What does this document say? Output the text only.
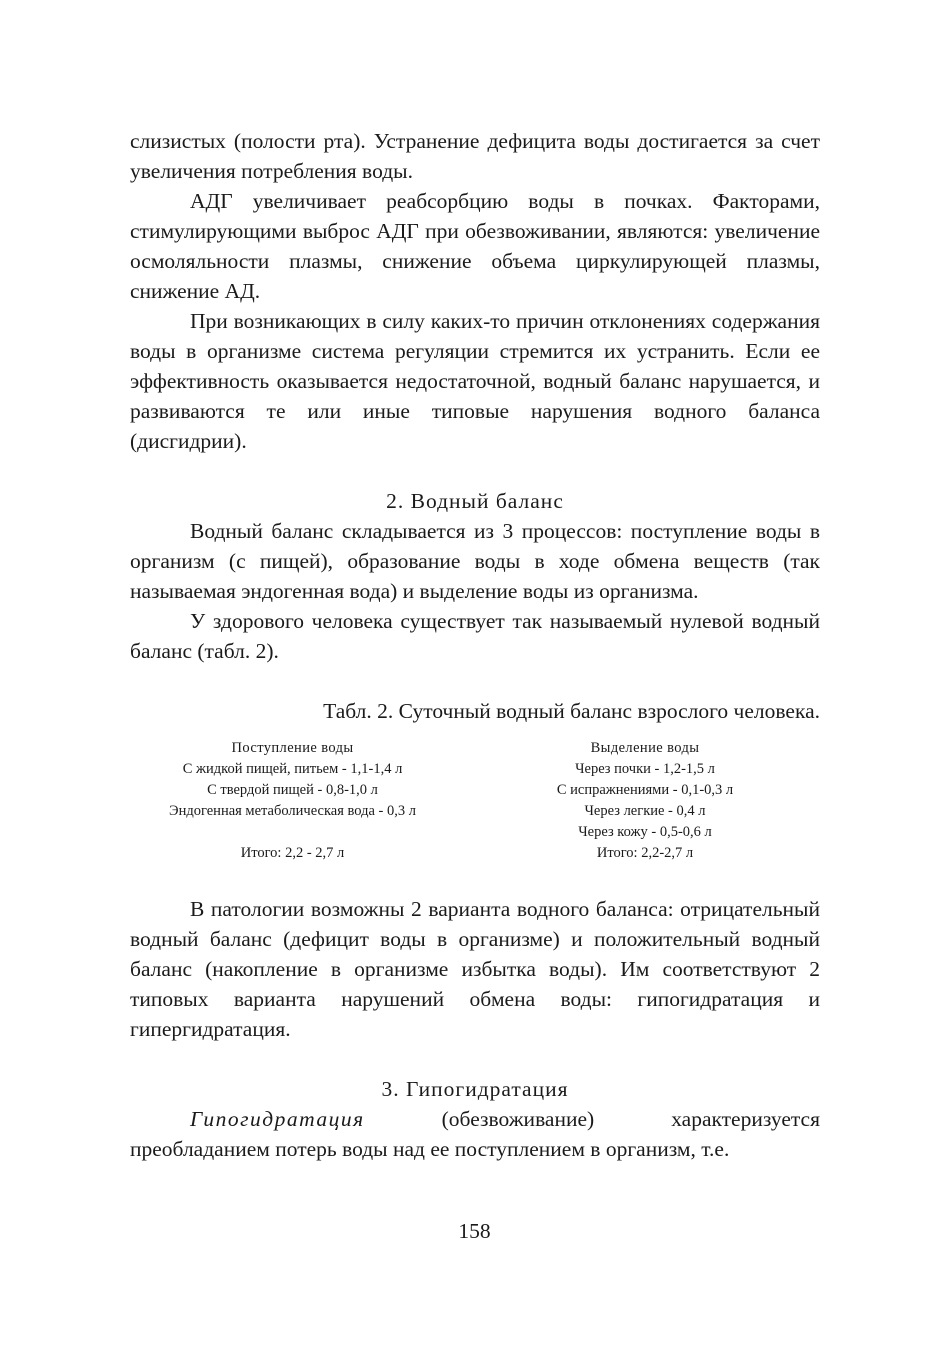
слизистых (полости рта). Устранение дефицита воды достигается за счет увеличения потребления воды.

АДГ увеличивает реабсорбцию воды в почках. Факторами, стимулирующими выброс АДГ при обезвоживании, являются: увеличение осмоляльности плазмы, снижение объема циркулирующей плазмы, снижение АД.

При возникающих в силу каких-то причин отклонениях содержания воды в организме система регуляции стремится их устранить. Если ее эффективность оказывается недостаточной, водный баланс нарушается, и развиваются те или иные типовые нарушения водного баланса (дисгидрии).

2. Водный баланс

Водный баланс складывается из 3 процессов: поступление воды в организм (с пищей), образование воды в ходе обмена веществ (так называемая эндогенная вода) и выделение воды из организма.

У здорового человека существует так называемый нулевой водный баланс (табл. 2).

Табл. 2. Суточный водный баланс взрослого человека.

Поступление воды
С жидкой пищей, питьем - 1,1-1,4 л
С твердой пищей - 0,8-1,0 л
Эндогенная метаболическая вода - 0,3 л
Итого: 2,2 - 2,7 л
Выделение воды
Через почки - 1,2-1,5 л
С испражнениями - 0,1-0,3 л
Через легкие - 0,4 л
Через кожу - 0,5-0,6 л
Итого: 2,2-2,7 л

В патологии возможны 2 варианта водного баланса: отрицательный водный баланс (дефицит воды в организме) и положительный водный баланс (накопление в организме избытка воды). Им соответствуют 2 типовых варианта нарушений обмена воды: гипогидратация и гипергидратация.

3. Гипогидратация

Гипогидратация (обезвоживание) характеризуется преобладанием потерь воды над ее поступлением в организм, т.е.

158
